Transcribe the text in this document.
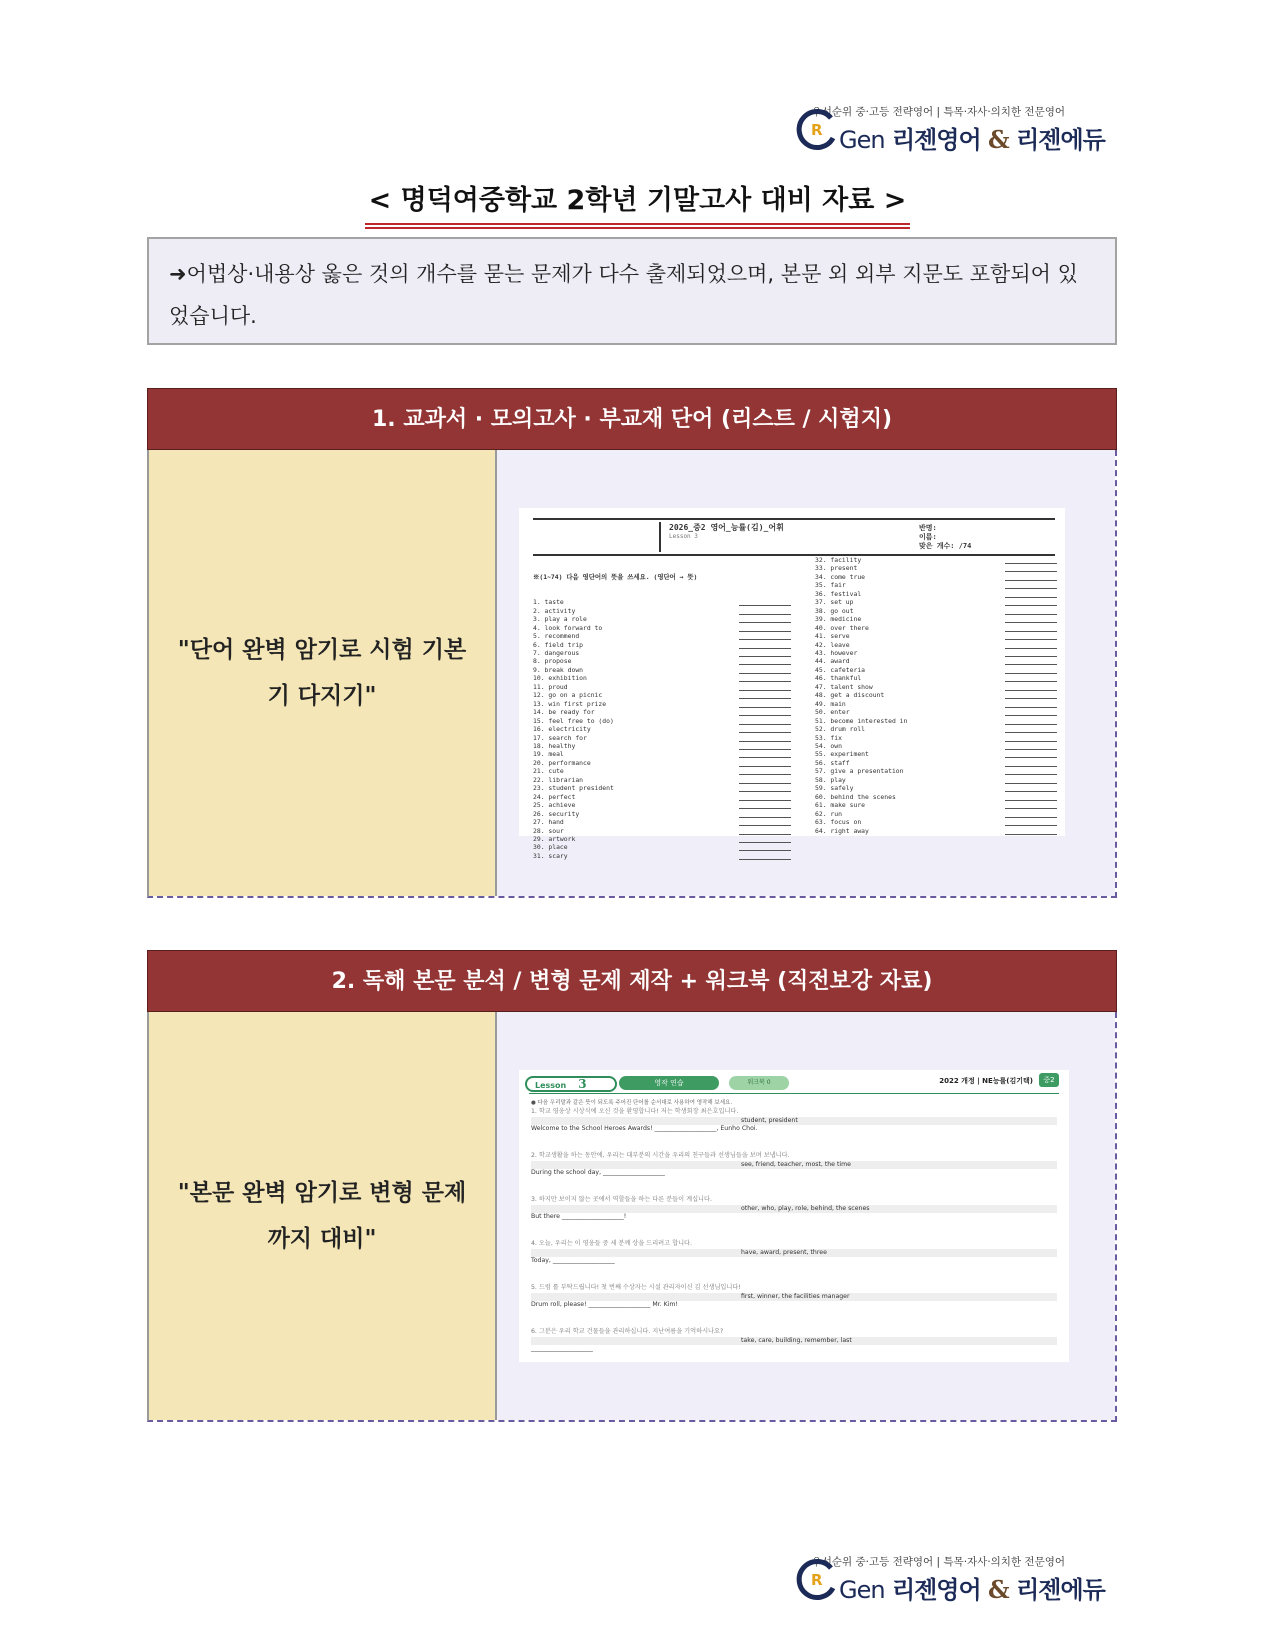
우선순위 중·고등 전략영어 | 특목·자사·의치한 전문영어
R Gen 리젠영어 & 리젠에듀
< 명덕여중학교 2학년 기말고사 대비 자료 >
➜어법상·내용상 옳은 것의 개수를 묻는 문제가 다수 출제되었으며, 본문 외 외부 지문도 포함되어 있었습니다.
1. 교과서 · 모의고사 · 부교재 단어 (리스트 / 시험지)
"단어 완벽 암기로 시험 기본기 다지기"
2026_중2 영어_능률(김)_어휘
Lesson 3
반명:
이름:
맞은 개수: /74

※(1~74) 다음 영단어의 뜻을 쓰세요. (영단어 → 뜻)

1. taste
2. activity
3. play a role
4. look forward to
5. recommend
6. field trip
7. dangerous
8. propose
9. break down
10. exhibition
11. proud
12. go on a picnic
13. win first prize
14. be ready for
15. feel free to (do)
16. electricity
17. search for
18. healthy
19. meal
20. performance
21. cute
22. librarian
23. student president
24. perfect
25. achieve
26. security
27. hand
28. sour
29. artwork
30. place
31. scary
32. facility
33. present
34. come true
35. fair
36. festival
37. set up
38. go out
39. medicine
40. over there
41. serve
42. leave
43. however
44. award
45. cafeteria
46. thankful
47. talent show
48. get a discount
49. main
50. enter
51. become interested in
52. drum roll
53. fix
54. own
55. experiment
56. staff
57. give a presentation
58. play
59. safely
60. behind the scenes
61. make sure
62. run
63. focus on
64. right away
2. 독해 본문 분석 / 변형 문제 제작 + 워크북 (직전보강 자료)
"본문 완벽 암기로 변형 문제까지 대비"
Lesson 3	영작 연습	워크북 0	2022 개정 | NE능률(김기택)	중2
● 다음 우리말과 같은 뜻이 되도록 주어진 단어를 순서대로 사용하여 영작해 보세요.
1. 학교 영웅상 시상식에 오신 것을 환영합니다! 저는 학생회장 최은호입니다.
student, president
Welcome to the School Heroes Awards! ____________________, Eunho Choi.
2. 학교생활을 하는 동안에, 우리는 대부분의 시간을 우리의 친구들과 선생님들을 보며 보냅니다.
see, friend, teacher, most, the time
During the school day, ____________________
3. 하지만 보이지 않는 곳에서 역할들을 하는 다른 분들이 계십니다.
other, who, play, role, behind, the scenes
But there ____________________!
4. 오늘, 우리는 이 영웅들 중 세 분께 상을 드리려고 합니다.
have, award, present, three
Today, ____________________
5. 드럼 롤 부탁드립니다! 첫 번째 수상자는 시설 관리자이신 김 선생님입니다!
first, winner, the facilities manager
Drum roll, please! ____________________ Mr. Kim!
6. 그분은 우리 학교 건물들을 관리하십니다. 지난여름을 기억하시나요?
take, care, building, remember, last
____________________
우선순위 중·고등 전략영어 | 특목·자사·의치한 전문영어
R Gen 리젠영어 & 리젠에듀
